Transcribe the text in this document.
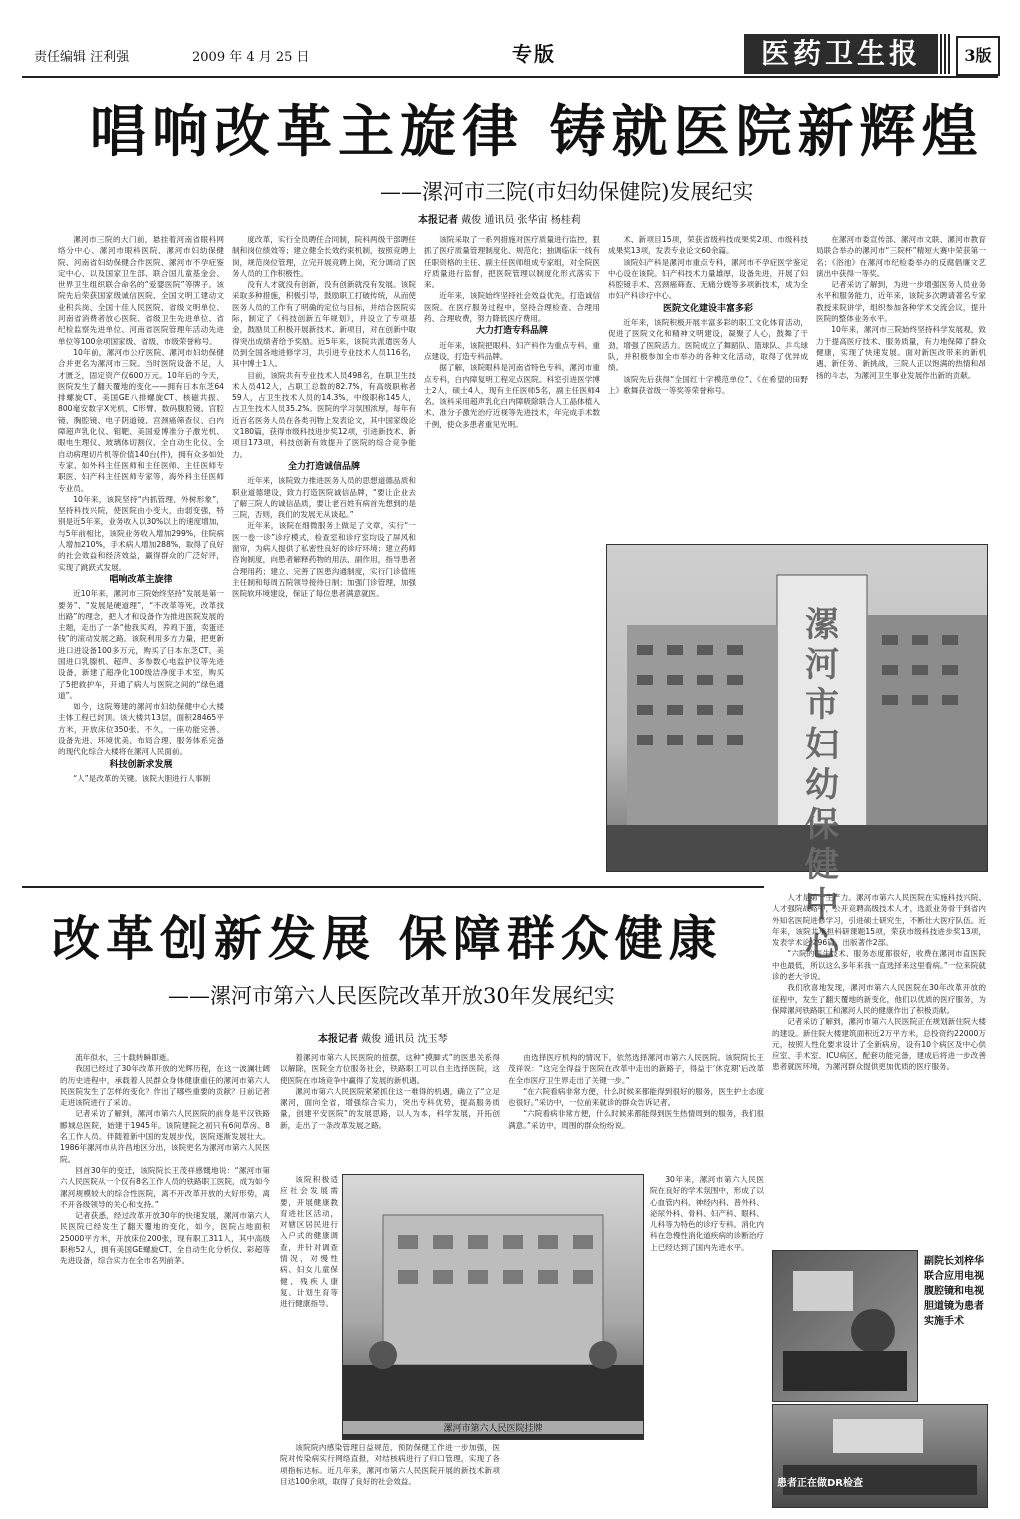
责任编辑 汪利强	2009 年 4 月 25 日	专版	医药卫生报	3版
唱响改革主旋律 铸就医院新辉煌
——漯河市三院(市妇幼保健院)发展纪实
本报记者 戴俊 通讯员 张华宙 杨桂莉

漯河市三院的大门前，悬挂着河南省眼科网络分中心、漯河市眼科医院、漯河市妇幼保健院、河南省妇幼保健合作医院、漯河市不孕症鉴定中心、以及国家卫生部、联合国儿童基金会、世界卫生组织联合命名的“爱婴医院”等牌子。该院先后荣获国家级诚信医院、全国文明工建动文业积兵岗、全国十佳人民医院、省级文明单位、河南省消费者放心医院、省级卫生先进单位、省纪检监察先进单位、河南省医院管理年活动先进单位等100余项国家级、省级、市级荣誉称号。

10年前，漯河市公疗医院、漯河市妇幼保健合并更名为漯河市三院。当时医院设备不足，人才匮乏，固定资产仅600万元。10年后的今天，医院发生了翻天覆地的变化——拥有日本东芝64排螺旋CT、美国GE八排螺旋CT、核磁共振、800毫安数字X光机、C形臂、数码腹腔镜、宫腔镜、胸腔镜、电子阴道镜、宫颈癌筛查仪、白内障超声乳化仪、钼靶、美国爱博准分子激光机、眼电生理仪、玻璃体切割仪、全自动生化仪、全自动病理切片机等价值140台(件)，拥有众多如处专家、如外科主任医师和主任医师、主任医师专职医、妇产科主任医师专家等，海外科主任医师专业员。

10年来，该院坚持“内抓管理、外树形象”，坚持科技兴院，使医院由小变大，由弱变强，特别是近5年来，业务收入以30%以上的速度增加，与5年前相比，该院业务收入增加299%，住院病人增加210%，手术病人增加288%，取得了良好的社会效益和经济效益，赢得群众的广泛好评，实现了跳跃式发展。

唱响改革主旋律

近10年来，漯河市三院始终坚持“发展是第一要务”、“发展是硬道理”，“不改革等死，改革找出路”的理念，把人才和设备作为推进医院发展的主题，走出了一条“他我买鸡，养鸡下蛋，卖蛋还钱”的滚动发展之路。该院利用多方力量，把更新进口进设备100多万元，购买了日本东芝CT、美国进口乳腺机、超声、多参数心电监护仪等先进设备，新建了超净化100级洁净度手术室，购买了5把救护车，开通了病人与医院之间的“绿色通道”。

如今，这院筹建的漯河市妇幼保健中心大楼主体工程已封顶。该大楼共13层，面积28465平方米，开放床位350张。不久，一座功能完善、设备先进、环境优美、布局合理、服务体系完备的现代化综合大楼将在漯河人民面前。

科技创新求发展

“人”是改革的关键。该院大胆进行人事制

度改革，实行全员聘任合同制，院科两级干部聘任制和岗位绩效等；建立健全长效约束机制，按照竞聘上岗，规范岗位管理，立完开展竞聘上岗，充分调动了医务人员的工作积极性。

没有人才就没有创新，没有创新就没有发展。该院采取多种措施，积极引导，鼓励职工打破传统，从而使医务人员的工作有了明确的定位与目标，并结合医院实际，制定了《科技创新五年规划》，并设立了专项基金，鼓励员工积极开展新技术、新项目，对在创新中取得突出成绩者给予奖励。近5年来，该院共派遣医务人员到全国各地进修学习，共引进专业技术人员116名，其中博士1人。

目前，该院共有专业技术人员498名，在职卫生技术人员412人，占职工总数的82.7%，有高级职称者59人，占卫生技术人员的14.3%，中级职称145人，占卫生技术人员35.2%。医院的学习氛围浓厚，每年有近百名医务人员在各类刊物上发表论文，其中国家级论文180篇，获得市级科技进步奖12项，引进新技术、新项目173项，科技创新有效提升了医院的综合竞争能力。

全力打造诚信品牌

近年来，该院致力推进医务人员的思想道德品质和职业道德建设，致力打造医院诚信品牌，“要让企业去了解三院人的诚信品质，要让老百姓有病首先想到的是三院，否则，我们的发展无从谈起。”

近年来，该院在细微服务上做足了文章，实行“一医一卷一诊”诊疗模式，检查室和诊疗室均设了屏风和窗帘，为病人提供了私密性良好的诊疗环境；建立药师咨询制度，向患者解释药物的用法、副作用，指导患者合理用药；建立、完善了医患沟通制度，实行门诊值班主任制和每周五院领导接待日制；加强门诊管理，加强医院软环境建设，保证了每位患者满意就医。

该院采取了一系列措施对医疗质量进行监控，狠抓了医疗质量管理制度化、规范化；抽调临床一线有任职资格的主任、副主任医师组成专家组，对全院医疗质量进行监督，把医院管理以制度化形式落实下来。

近年来，该院始终坚持社会效益优先，打造诚信医院。在医疗服务过程中，坚持合理检查、合理用药、合理收费，努力降低医疗费用。

大力打造专科品牌

近年来，该院把眼科、妇产科作为重点专科，重点建设，打造专科品牌。

据了解，该院眼科是河南省特色专科，漯河市重点专科，白内障复明工程定点医院。科室引进医学博士2人，硕士4人，现有主任医师5名，副主任医师4名。该科采用超声乳化白内障吸除联合人工晶体植入术、准分子激光治疗近视等先进技术，年完成手术数千例，使众多患者重见光明。

术、新项目15项，荣获省级科技成果奖2项、市级科技成果奖13项，发表专业论文60余篇。

该院妇产科是漯河市重点专科，漯河市不孕症医学鉴定中心设在该院。妇产科技术力量雄厚，设备先进，开展了妇科腔镜手术、宫颈癌筛查、无痛分娩等多项新技术，成为全市妇产科诊疗中心。

医院文化建设丰富多彩

近年来，该院积极开展丰富多彩的职工文化体育活动，促进了医院文化和精神文明建设，凝聚了人心，鼓舞了干劲，增强了医院活力。医院成立了舞蹈队、篮球队、乒乓球队，并积极参加全市举办的各种文化活动，取得了优异成绩。

该院先后获得“全国红十字模范单位”、《在希望的田野上》歌舞获省级一等奖等荣誉称号。

在漯河市委宣传部、漯河市文联、漯河市教育局联合举办的漯河市“三院杯”精短大赛中荣获第一名；《浴池》在漯河市纪检委举办的反腐倡廉文艺演出中获得一等奖。

记者采访了解到，为进一步增强医务人员业务水平和服务能力，近年来，该院多次聘请著名专家教授来院讲学，组织参加各种学术交流会议，提升医院的整体业务水平。

10年来，漯河市三院始终坚持科学发展观，致力于提高医疗技术、服务质量，有力地保障了群众健康，实现了快速发展。面对新医改带来的新机遇、新任务、新挑战，三院人正以饱满的热情和昂扬的斗志，为漯河卫生事业发展作出新的贡献。

漯河市妇幼保健中心
改革创新发展 保障群众健康
——漯河市第六人民医院改革开放30年发展纪实
本报记者 戴俊 通讯员 沈玉琴

流年似水，三十载转瞬即逝。

我国已经过了30年改革开放的光辉历程，在这一波澜壮阔的历史进程中，承载着人民群众身体健康重任的漯河市第六人民医院发生了怎样的变化？作出了哪些重要的贡献？日前记者走进该院进行了采访。

记者采访了解到，漯河市第六人民医院的前身是平汉铁路郾城总医院，始建于1945年。该院建院之初只有6间草房、8名工作人员。伴随着新中国的发展步伐，医院逐渐发展壮大。1986年漯河市从许昌地区分出，该院更名为漯河市第六人民医院。

回首30年的变迁，该院院长王茂祥感慨地说：“漯河市第六人民医院从一个仅有8名工作人员的铁路职工医院，成为如今漯河规模较大的综合性医院，离不开改革开放的大好形势，离不开各级领导的关心和支持。”

记者获悉，经过改革开放30年的快速发展，漯河市第六人民医院已经发生了翻天覆地的变化，如今，医院占地面积25000平方米，开放床位200张，现有职工311人，其中高级职称52人，拥有美国GE螺旋CT、全自动生化分析仪、彩超等先进设备，综合实力在全市名列前茅。

着漯河市第六人民医院的扭摆，这种“摸脚式”的医患关系得以解除，医院全方位服务社会，铁路职工可以自主选择医院，这使医院在市场竞争中赢得了发展的新机遇。

漯河市第六人民医院紧紧抓住这一难得的机遇，确立了“立足漯河，面向全省，增强综合实力，突出专科优势，提高服务质量，创建平安医院”的发展思路，以人为本，科学发展，开拓创新，走出了一条改革发展之路。

该院积极适应社会发展需要，开展健康教育进社区活动，对辖区居民进行入户式的健康调查，并针对调查情况，对慢性病、妇女儿童保健、残疾人康复、计划生育等进行健康指导。

该院院内感染管理日益规范，预防保健工作进一步加强，医院对传染病实行网络直报，对结核病进行了归口管理，实现了各项指标达标。近几年来，漯河市第六人民医院开展的新技术新项目达100余项，取得了良好的社会效益。

由选择医疗机构的情况下，依然选择漯河市第六人民医院。该院院长王茂祥说：“这完全得益于医院在改革中走出的新路子，得益于‘休克期’后改革在全市医疗卫生界走出了关键一步。”

“在六院看病非常方便，什么时候来都能得到很好的服务，医生护士态度也很好。”采访中，一位前来就诊的群众告诉记者。

“六院看病非常方便，什么时候来都能得到医生热情周到的服务，我们很满意。”采访中，周围的群众纷纷说。

30年来，漯河市第六人民医院在良好的学术氛围中，形成了以心血管内科、神经内科、普外科、泌尿外科、骨科、妇产科、眼科、儿科等为特色的诊疗专科。消化内科在急慢性消化道疾病的诊断治疗上已经达到了国内先进水平。

人才是第一生产力。漯河市第六人民医院在实施科技兴院、人才强院战略中，公开竞聘高级技术人才，选派业务骨干到省内外知名医院进修学习，引进硕士研究生，不断壮大医疗队伍。近年来，该院共承担科研课题15项，荣获市级科技进步奖13项，发表学术论文96篇，出版著作2部。

“六院的医生技术、服务态度都很好，收费在漯河市直医院中也最低，所以这么多年来我一直选择来这里看病。”一位来院就诊的老大爷说。

我们欣喜地发现，漯河市第六人民医院在30年改革开放的征程中，发生了翻天覆地的新变化，他们以优质的医疗服务，为保障漯河铁路职工和漯河人民的健康作出了积极贡献。

记者采访了解到，漯河市第六人民医院正在规划新住院大楼的建设。新住院大楼建筑面积近2万平方米，总投资约22000万元，按照人性化要求设计了全新病房，设有10个病区及中心供应室、手术室、ICU病区，配套功能完备，建成后将进一步改善患者就医环境，为漯河群众提供更加优质的医疗服务。

漯河市第六人民医院挂牌
副院长刘梓华联合应用电视腹腔镜和电视胆道镜为患者实施手术
患者正在做DR检查
